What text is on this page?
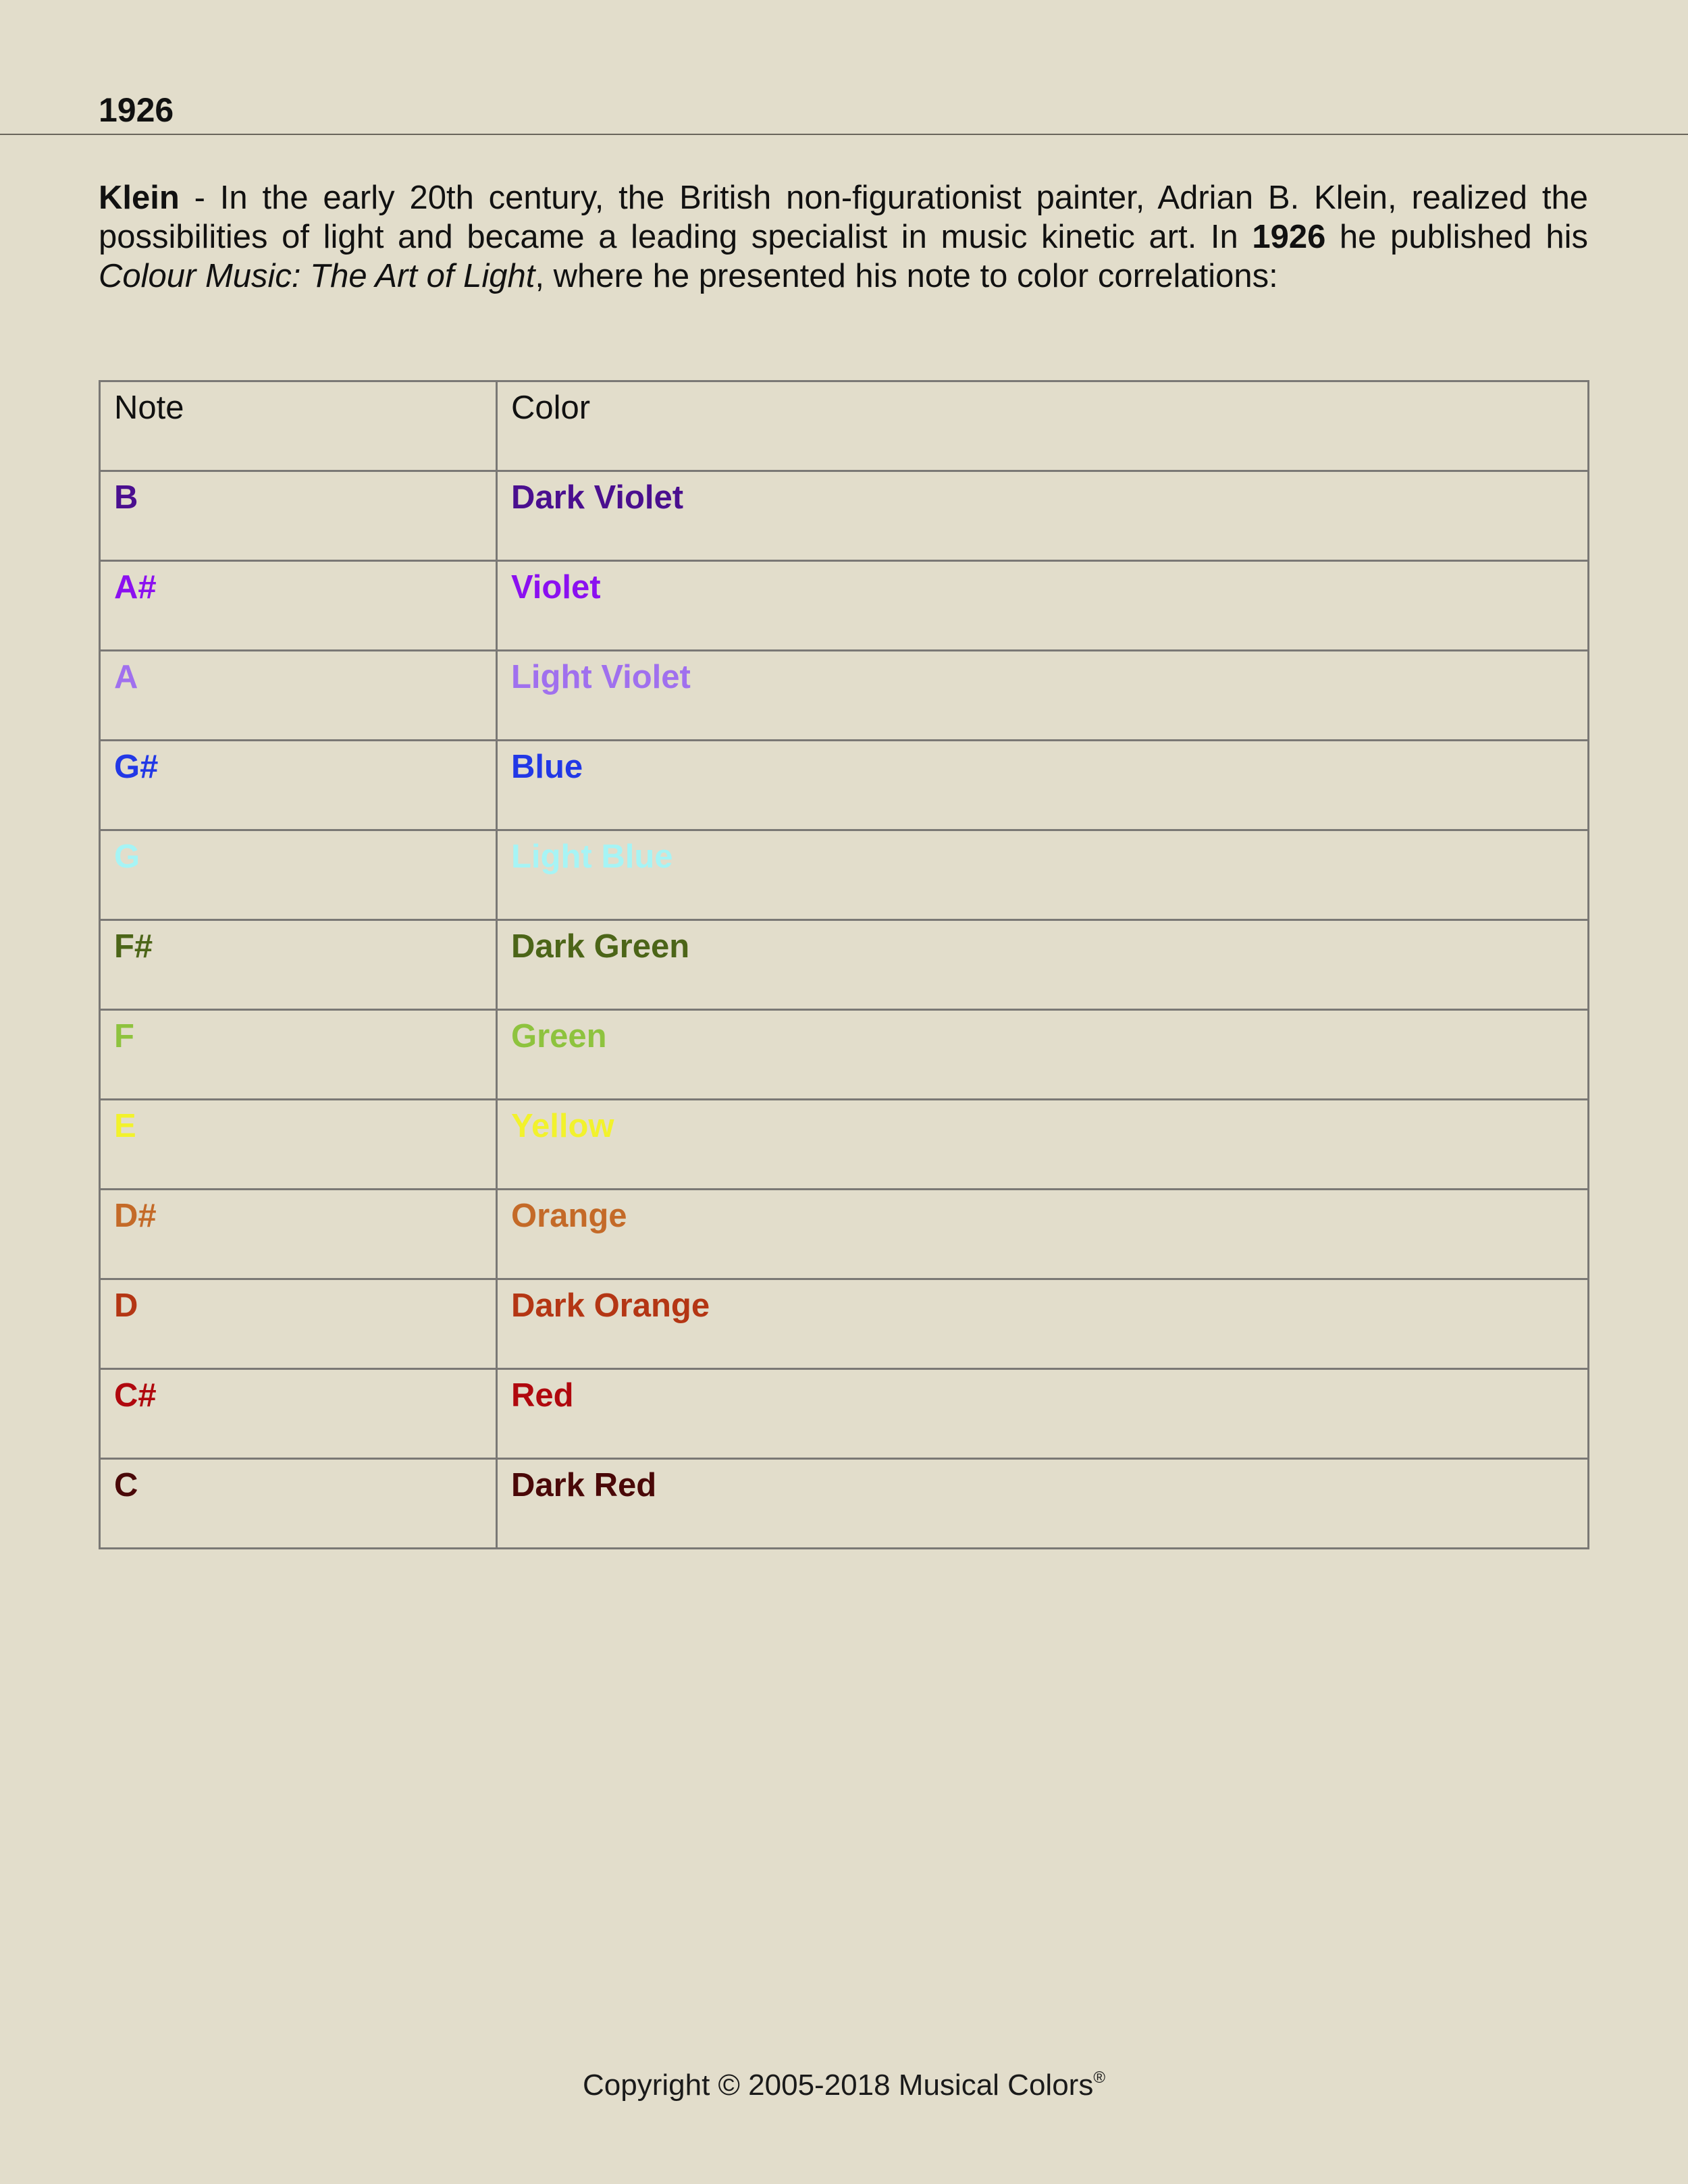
1926

Klein - In the early 20th century, the British non-figurationist painter, Adrian B. Klein, realized the possibilities of light and became a leading specialist in music kinetic art. In 1926 he published his Colour Music: The Art of Light, where he presented his note to color correlations:

Note	Color
B	Dark Violet
A#	Violet
A	Light Violet
G#	Blue
G	Light Blue
F#	Dark Green
F	Green
E	Yellow
D#	Orange
D	Dark Orange
C#	Red
C	Dark Red
Copyright © 2005-2018 Musical Colors®
